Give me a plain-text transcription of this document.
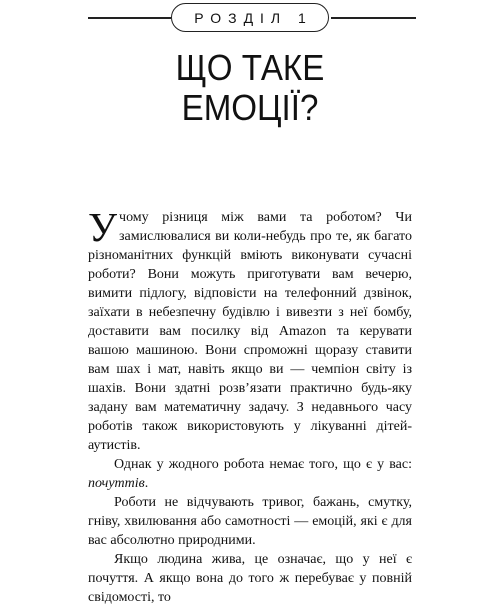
РОЗДІЛ 1
ЩО ТАКЕ
ЕМОЦІЇ?

Учому різниця між вами та роботом? Чи замислювалися ви коли-небудь про те, як багато різноманітних функцій вміють виконувати сучасні роботи? Вони можуть приготувати вам вечерю, вимити підлогу, відповісти на телефонний дзвінок, заїхати в небезпечну будівлю і вивезти з неї бомбу, доставити вам посилку від Amazon та керувати вашою машиною. Вони спроможні щоразу ставити вам шах і мат, навіть якщо ви — чемпіон світу із шахів. Вони здатні розв’язати практично будь-яку задану вам математичну задачу. З недавнього часу роботів також використовують у лікуванні дітей-аутистів.

Однак у жодного робота немає того, що є у вас: почуттів.

Роботи не відчувають тривог, бажань, смутку, гніву, хвилювання або самотності — емоцій, які є для вас абсолютно природними.

Якщо людина жива, це означає, що у неї є почуття. А якщо вона до того ж перебуває у повній свідомості, то
